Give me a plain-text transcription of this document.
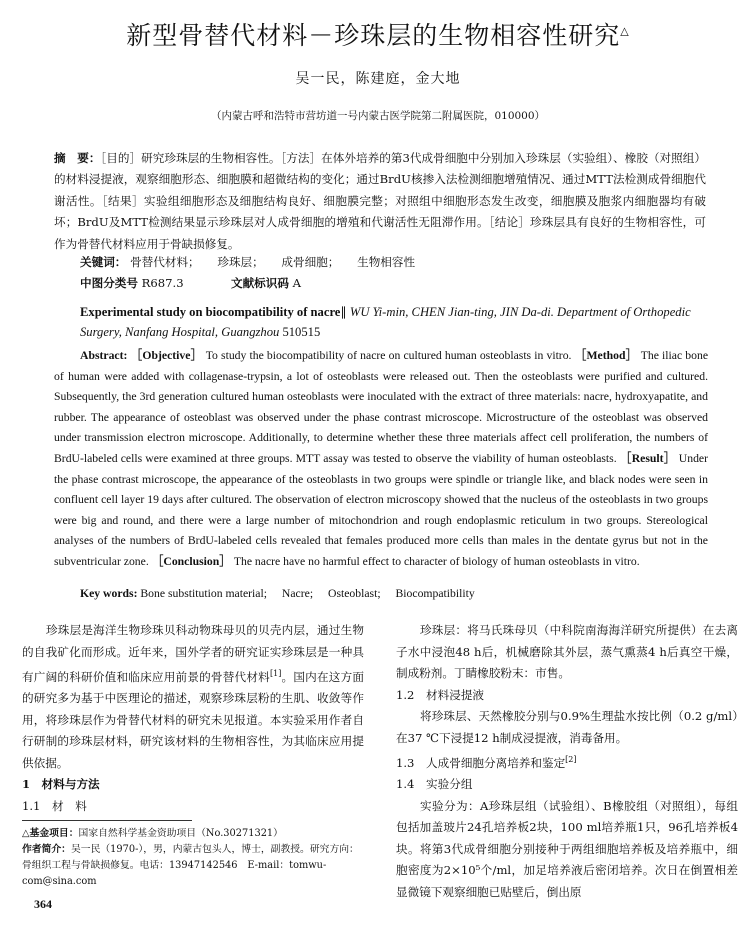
新型骨替代材料－珍珠层的生物相容性研究△
吴一民，陈建庭，金大地
（内蒙古呼和浩特市营坊道一号内蒙古医学院第二附属医院，010000）
摘　要：［目的］研究珍珠层的生物相容性。［方法］在体外培养的第3代成骨细胞中分别加入珍珠层（实验组）、橡胶（对照组）的材料浸提液，观察细胞形态、细胞膜和超微结构的变化；通过BrdU核掺入法检测细胞增殖情况、通过MTT法检测成骨细胞代谢活性。［结果］实验组细胞形态及细胞结构良好、细胞膜完整；对照组中细胞形态发生改变，细胞膜及胞浆内细胞器均有破坏；BrdU及MTT检测结果显示珍珠层对人成骨细胞的增殖和代谢活性无阻滞作用。［结论］珍珠层具有良好的生物相容性，可作为骨替代材料应用于骨缺损修复。
关键词： 骨替代材料； 珍珠层； 成骨细胞； 生物相容性
中图分类号 R687.3	文献标识码 A
Experimental study on biocompatibility of nacre∥ WU Yi-min, CHEN Jian-ting, JIN Da-di. Department of Orthopedic Surgery, Nanfang Hospital, Guangzhou 510515
Abstract: ［Objective］ To study the biocompatibility of nacre on cultured human osteoblasts in vitro. ［Method］ The iliac bone of human were added with collagenase-trypsin, a lot of osteoblasts were released out. Then the osteoblasts were purified and cultured. Subsequently, the 3rd generation cultured human osteoblasts were inoculated with the extract of three materials: nacre, hydroxyapatite, and rubber. The appearance of osteoblast was observed under the phase contrast microscope. Microstructure of the osteoblast was observed under transmission electron microscope. Additionally, to determine whether these three materials affect cell proliferation, the numbers of BrdU-labeled cells were examined at three groups. MTT assay was tested to observe the viability of human osteoblasts. ［Result］ Under the phase contrast microscope, the appearance of the osteoblasts in two groups were spindle or triangle like, and black nodes were seen in confluent cell layer 19 days after cultured. The observation of electron microscopy showed that the nucleus of the osteoblasts in two groups were big and round, and there were a large number of mitochondrion and rough endoplasmic reticulum in two groups. Stereological analyses of the numbers of BrdU-labeled cells revealed that females produced more cells than males in the dentate gyrus but not in the subventricular zone. ［Conclusion］ The nacre have no harmful effect to character of biology of human osteoblasts in vitro.
Key words: Bone substitution material; Nacre; Osteoblast; Biocompatibility
珍珠层是海洋生物珍珠贝科动物珠母贝的贝壳内层，通过生物的自我矿化而形成。近年来，国外学者的研究证实珍珠层是一种具有广阔的科研价值和临床应用前景的骨替代材料[1]。国内在这方面的研究多为基于中医理论的描述，观察珍珠层粉的生肌、收敛等作用，将珍珠层作为骨替代材料的研究未见报道。本实验采用作者自行研制的珍珠层材料，研究该材料的生物相容性，为其临床应用提供依据。
1　材料与方法
1.1　材　料
△基金项目：国家自然科学基金资助项目（No.30271321）
作者简介：吴一民（1970-），男，内蒙古包头人，博士，副教授。研究方向：骨组织工程与骨缺损修复。电话：13947142546　E-mail：tomwu-com@sina.com
364
珍珠层：将马氏珠母贝（中科院南海海洋研究所提供）在去离子水中浸泡48 h后，机械磨除其外层，蒸气熏蒸4 h后真空干燥，制成粉剂。丁睛橡胶粉末：市售。
1.2　材料浸提液
将珍珠层、天然橡胶分别与0.9%生理盐水按比例（0.2 g/ml）在37 ℃下浸提12 h制成浸提液，消毒备用。
1.3　人成骨细胞分离培养和鉴定[2]
1.4　实验分组
实验分为：A珍珠层组（试验组）、B橡胶组（对照组），每组包括加盖玻片24孔培养板2块，100 ml培养瓶1只，96孔培养板4块。将第3代成骨细胞分别接种于两组细胞培养板及培养瓶中，细胞密度为2×10⁵个/ml，加足培养液后密闭培养。次日在倒置相差显微镜下观察细胞已贴壁后，倒出原
